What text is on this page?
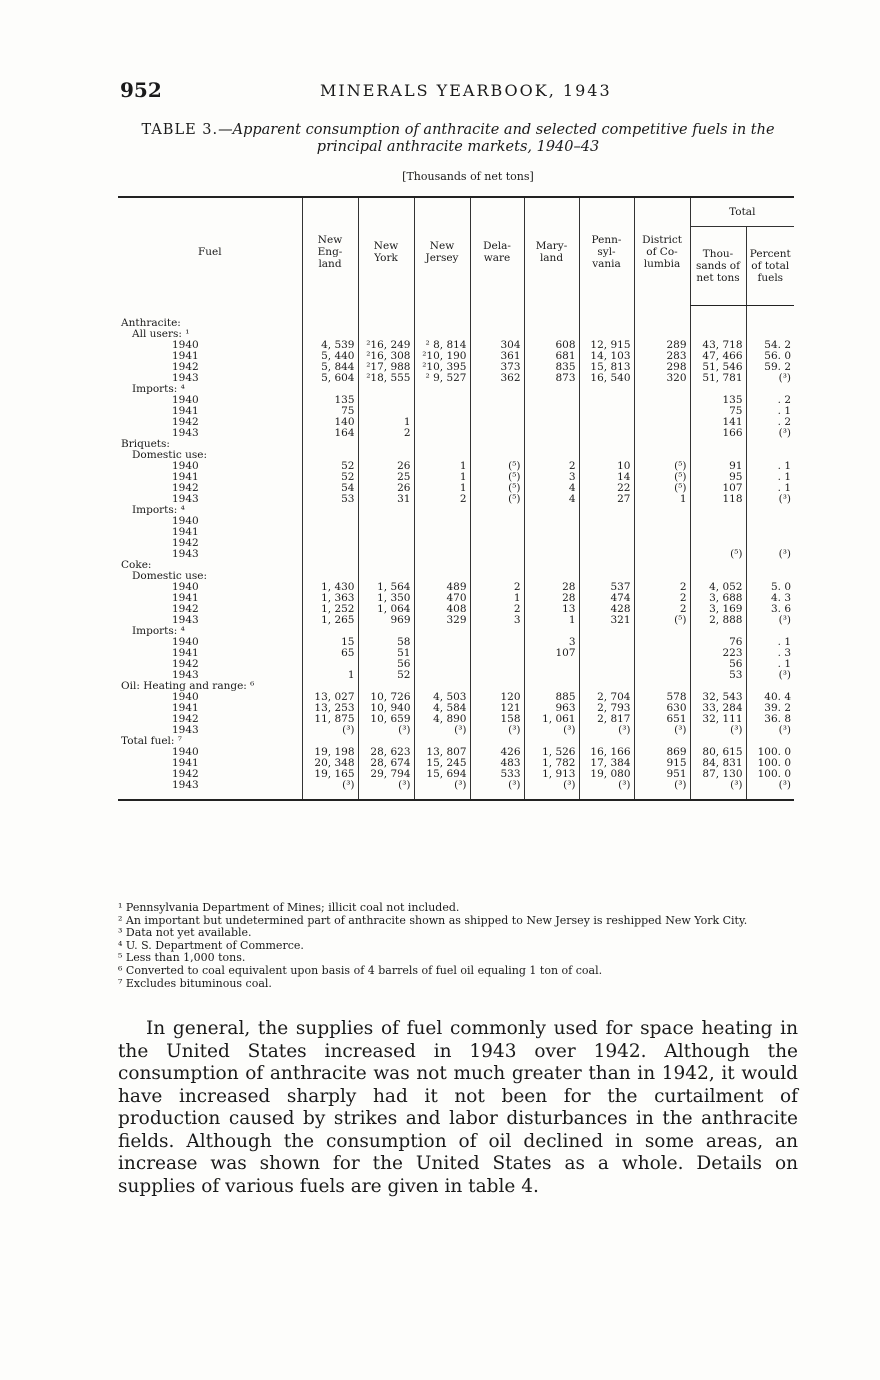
952	MINERALS YEARBOOK, 1943
TABLE 3.—Apparent consumption of anthracite and selected competitive fuels in the principal anthracite markets, 1940–43
[Thousands of net tons]
Fuel	New Eng- land	New York	New Jersey	Dela- ware	Mary- land	Penn- syl- vania	District of Co- lumbia	Total	
								Thou- sands of net tons	Percent of total fuels
Anthracite:									
All users: ¹									
1940	4, 539	²16, 249	² 8, 814	304	608	12, 915	289	43, 718	54. 2
1941	5, 440	²16, 308	²10, 190	361	681	14, 103	283	47, 466	56. 0
1942	5, 844	²17, 988	²10, 395	373	835	15, 813	298	51, 546	59. 2
1943	5, 604	²18, 555	² 9, 527	362	873	16, 540	320	51, 781	(³)
Imports: ⁴									
1940	135							135	. 2
1941	75							75	. 1
1942	140	1						141	. 2
1943	164	2						166	(³)
Briquets:									
Domestic use:									
1940	52	26	1	(⁵)	2	10	(⁵)	91	. 1
1941	52	25	1	(⁵)	3	14	(⁵)	95	. 1
1942	54	26	1	(⁵)	4	22	(⁵)	107	. 1
1943	53	31	2	(⁵)	4	27	1	118	(³)
Imports: ⁴									
1940									
1941									
1942									
1943								(⁵)	(³)
Coke:									
Domestic use:									
1940	1, 430	1, 564	489	2	28	537	2	4, 052	5. 0
1941	1, 363	1, 350	470	1	28	474	2	3, 688	4. 3
1942	1, 252	1, 064	408	2	13	428	2	3, 169	3. 6
1943	1, 265	969	329	3	1	321	(⁵)	2, 888	(³)
Imports: ⁴									
1940	15	58			3			76	. 1
1941	65	51			107			223	. 3
1942		56						56	. 1
1943	1	52						53	(³)
Oil: Heating and range: ⁶									
1940	13, 027	10, 726	4, 503	120	885	2, 704	578	32, 543	40. 4
1941	13, 253	10, 940	4, 584	121	963	2, 793	630	33, 284	39. 2
1942	11, 875	10, 659	4, 890	158	1, 061	2, 817	651	32, 111	36. 8
1943	(³)	(³)	(³)	(³)	(³)	(³)	(³)	(³)	(³)
Total fuel: ⁷									
1940	19, 198	28, 623	13, 807	426	1, 526	16, 166	869	80, 615	100. 0
1941	20, 348	28, 674	15, 245	483	1, 782	17, 384	915	84, 831	100. 0
1942	19, 165	29, 794	15, 694	533	1, 913	19, 080	951	87, 130	100. 0
1943	(³)	(³)	(³)	(³)	(³)	(³)	(³)	(³)	(³)
¹ Pennsylvania Department of Mines; illicit coal not included.
² An important but undetermined part of anthracite shown as shipped to New Jersey is reshipped New York City.
³ Data not yet available.
⁴ U. S. Department of Commerce.
⁵ Less than 1,000 tons.
⁶ Converted to coal equivalent upon basis of 4 barrels of fuel oil equaling 1 ton of coal.
⁷ Excludes bituminous coal.
In general, the supplies of fuel commonly used for space heating in the United States increased in 1943 over 1942. Although the consumption of anthracite was not much greater than in 1942, it would have increased sharply had it not been for the curtailment of production caused by strikes and labor disturbances in the anthracite fields. Although the consumption of oil declined in some areas, an increase was shown for the United States as a whole. Details on supplies of various fuels are given in table 4.
